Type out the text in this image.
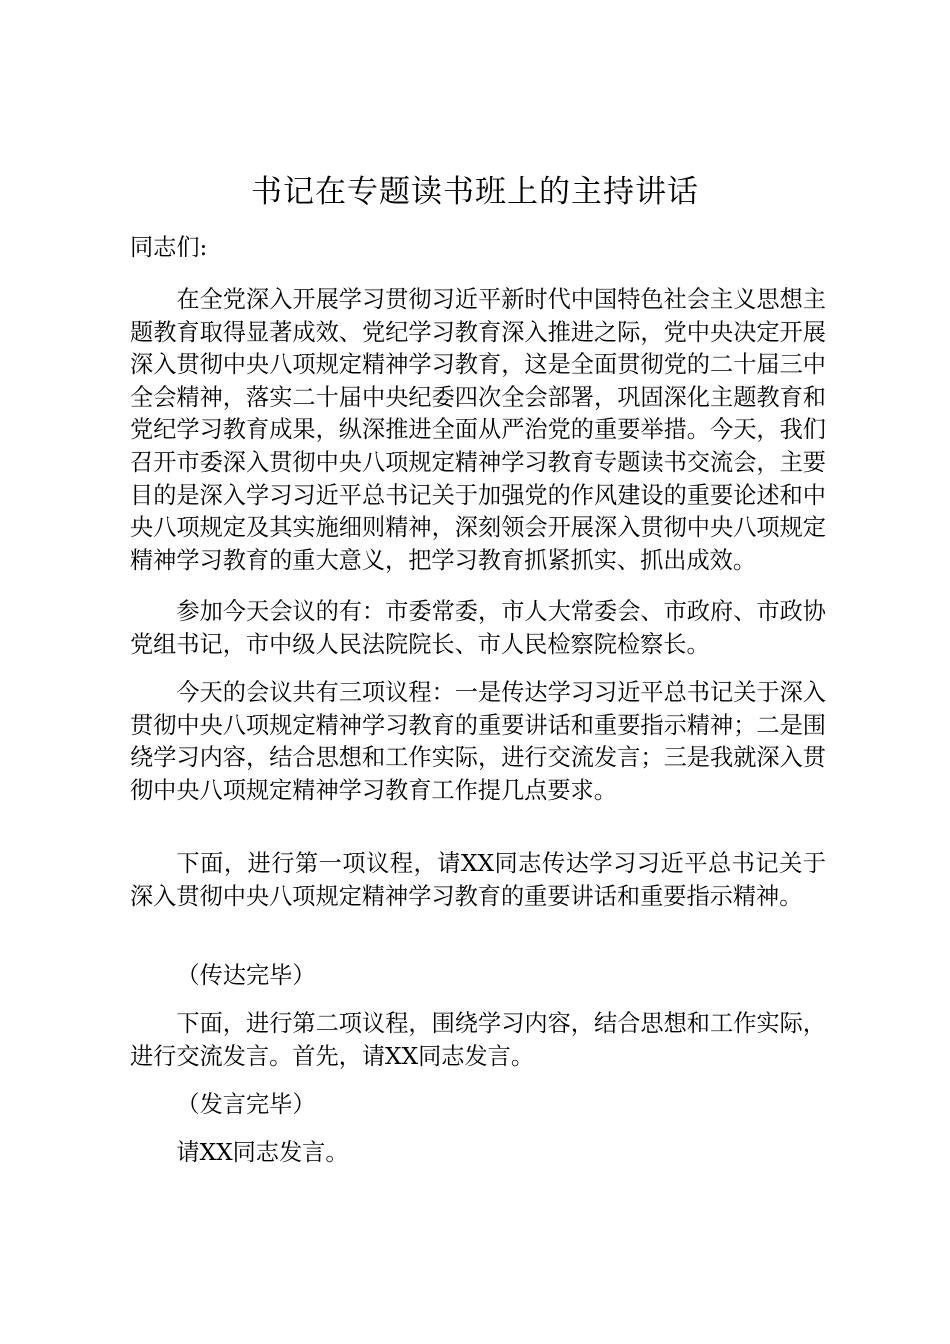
书记在专题读书班上的主持讲话

同志们:

在全党深入开展学习贯彻习近平新时代中国特色社会主义思想主题教育取得显著成效、党纪学习教育深入推进之际，党中央决定开展深入贯彻中央八项规定精神学习教育，这是全面贯彻党的二十届三中全会精神，落实二十届中央纪委四次全会部署，巩固深化主题教育和党纪学习教育成果，纵深推进全面从严治党的重要举措。今天，我们召开市委深入贯彻中央八项规定精神学习教育专题读书交流会，主要目的是深入学习习近平总书记关于加强党的作风建设的重要论述和中央八项规定及其实施细则精神，深刻领会开展深入贯彻中央八项规定精神学习教育的重大意义，把学习教育抓紧抓实、抓出成效。

参加今天会议的有：市委常委，市人大常委会、市政府、市政协党组书记，市中级人民法院院长、市人民检察院检察长。

今天的会议共有三项议程：一是传达学习习近平总书记关于深入贯彻中央八项规定精神学习教育的重要讲话和重要指示精神；二是围绕学习内容，结合思想和工作实际，进行交流发言；三是我就深入贯彻中央八项规定精神学习教育工作提几点要求。

下面，进行第一项议程，请XX同志传达学习习近平总书记关于深入贯彻中央八项规定精神学习教育的重要讲话和重要指示精神。

（传达完毕）

下面，进行第二项议程，围绕学习内容，结合思想和工作实际，进行交流发言。首先，请XX同志发言。

（发言完毕）

请XX同志发言。
